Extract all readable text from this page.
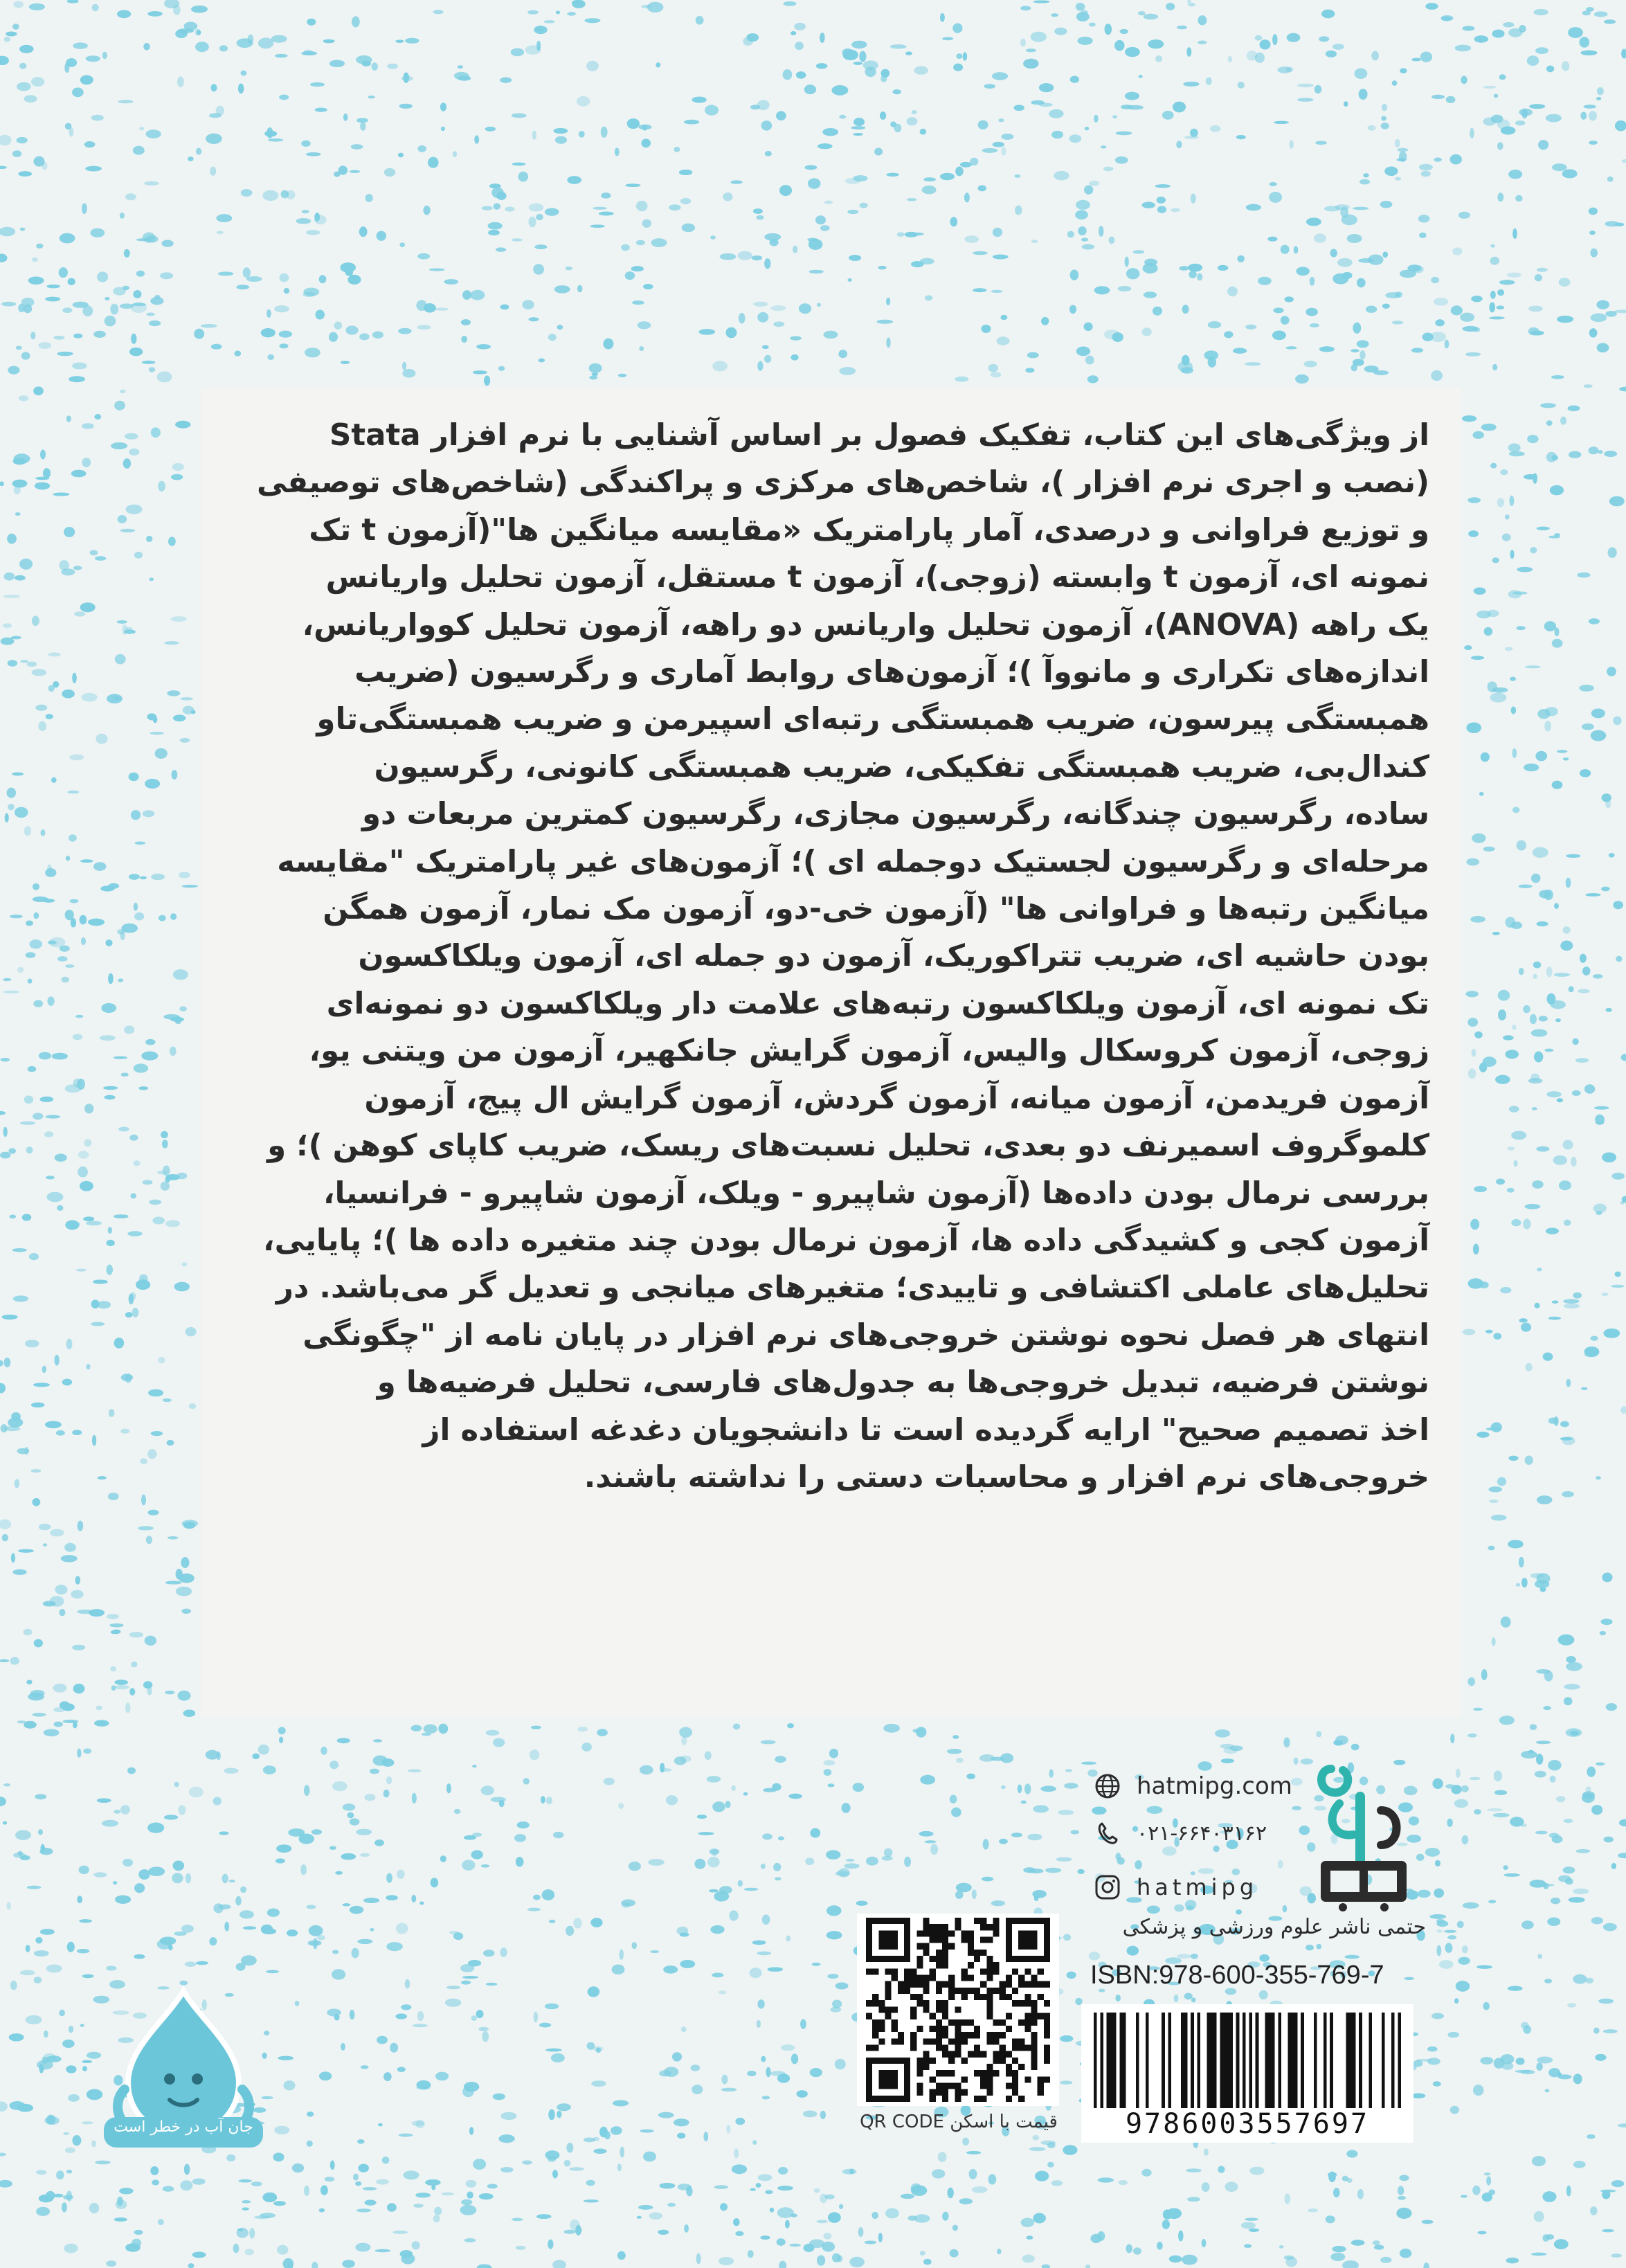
از ویژگی‌های این کتاب، تفکیک فصول بر اساس آشنایی با نرم افزار Stata
(نصب و اجری نرم افزار )، شاخص‌های مرکزی و پراکندگی (شاخص‌های توصیفی
و توزیع فراوانی و درصدی، آمار پارامتریک «مقایسه میانگین ها"(آزمون t تک
نمونه ای، آزمون t وابسته (زوجی)، آزمون t مستقل، آزمون تحلیل واریانس
یک راهه (ANOVA)، آزمون تحلیل واریانس دو راهه، آزمون تحلیل کوواریانس،
اندازه‌های تکراری و مانووآ )؛ آزمون‌های روابط آماری و رگرسیون (ضریب
همبستگی پیرسون، ضریب همبستگی رتبه‌ای اسپیرمن و ضریب همبستگی‌تاو
کندال‌بی، ضریب همبستگی تفکیکی، ضریب همبستگی کانونی، رگرسیون
ساده، رگرسیون چندگانه، رگرسیون مجازی، رگرسیون کمترین مربعات دو
مرحله‌ای و رگرسیون لجستیک دوجمله ای )؛ آزمون‌های غیر پارامتریک "مقایسه
میانگین رتبه‌ها و فراوانی ها" (آزمون خی-دو، آزمون مک نمار، آزمون همگن
بودن حاشیه ای، ضریب تتراکوریک، آزمون دو جمله ای، آزمون ویلکاکسون
تک نمونه ای، آزمون ویلکاکسون رتبه‌های علامت دار ویلکاکسون دو نمونه‌ای
زوجی، آزمون کروسکال والیس، آزمون گرایش جانکهیر، آزمون من ویتنی یو،
آزمون فریدمن، آزمون میانه، آزمون گردش، آزمون گرایش ال پیج، آزمون
کلموگروف اسمیرنف دو بعدی، تحلیل نسبت‌های ریسک، ضریب کاپای کوهن )؛ و
بررسی نرمال بودن داده‌ها (آزمون شاپیرو - ویلک، آزمون شاپیرو - فرانسیا،
آزمون کجی و کشیدگی داده ها، آزمون نرمال بودن چند متغیره داده ها )؛ پایایی،
تحلیل‌های عاملی اکتشافی و تاییدی؛ متغیرهای میانجی و تعدیل گر می‌باشد. در
انتهای هر فصل نحوه نوشتن خروجی‌های نرم افزار در پایان نامه از "چگونگی
نوشتن فرضیه، تبدیل خروجی‌ها به جدول‌های فارسی، تحلیل فرضیه‌ها و
اخذ تصمیم صحیح" ارایه گردیده است تا دانشجویان دغدغه استفاده از
خروجی‌های نرم افزار و محاسبات دستی را نداشته باشند.
hatmipg.com
۰۲۱-۶۶۴۰۳۱۶۲
hatmipg
حتمی ناشر علوم ورزشی و پزشکی
ISBN:978-600-355-769-7
قیمت با اسکن QR CODE	9786003557697
جان آب در خطر است
